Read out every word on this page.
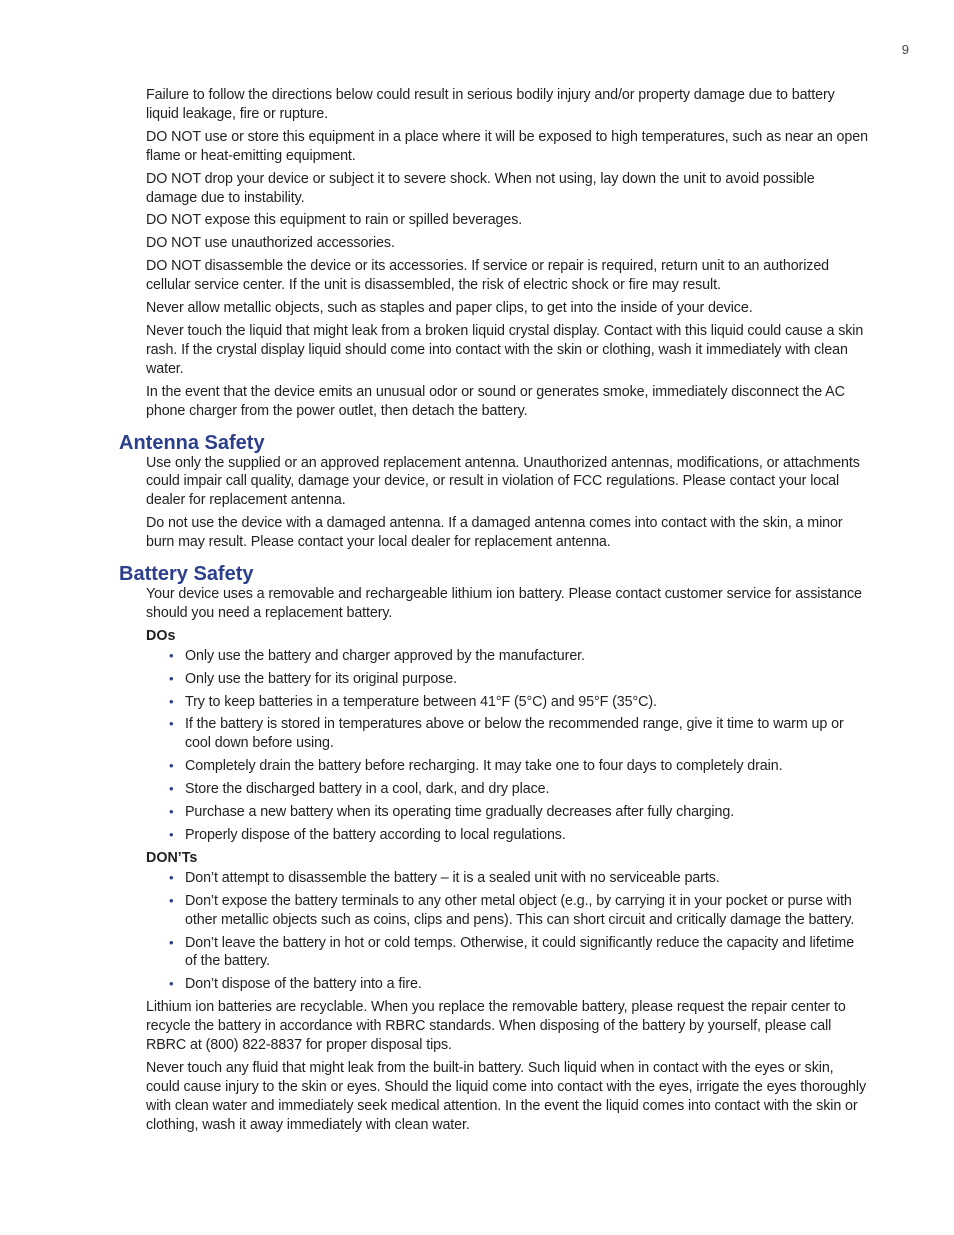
9

Failure to follow the directions below could result in serious bodily injury and/or property damage due to battery liquid leakage, fire or rupture.

DO NOT use or store this equipment in a place where it will be exposed to high temperatures, such as near an open flame or heat-emitting equipment.

DO NOT drop your device or subject it to severe shock. When not using, lay down the unit to avoid possible damage due to instability.

DO NOT expose this equipment to rain or spilled beverages.

DO NOT use unauthorized accessories.

DO NOT disassemble the device or its accessories. If service or repair is required, return unit to an authorized cellular service center. If the unit is disassembled, the risk of electric shock or fire may result.

Never allow metallic objects, such as staples and paper clips, to get into the inside of your device.

Never touch the liquid that might leak from a broken liquid crystal display. Contact with this liquid could cause a skin rash. If the crystal display liquid should come into contact with the skin or clothing, wash it immediately with clean water.

In the event that the device emits an unusual odor or sound or generates smoke, immediately disconnect the AC phone charger from the power outlet, then detach the battery.

Antenna Safety

Use only the supplied or an approved replacement antenna. Unauthorized antennas, modifications, or attachments could impair call quality, damage your device, or result in violation of FCC regulations. Please contact your local dealer for replacement antenna.

Do not use the device with a damaged antenna. If a damaged antenna comes into contact with the skin, a minor burn may result. Please contact your local dealer for replacement antenna.

Battery Safety

Your device uses a removable and rechargeable lithium ion battery. Please contact customer service for assistance should you need a replacement battery.

DOs
• Only use the battery and charger approved by the manufacturer.
• Only use the battery for its original purpose.
• Try to keep batteries in a temperature between 41°F (5°C) and 95°F (35°C).
• If the battery is stored in temperatures above or below the recommended range, give it time to warm up or cool down before using.
• Completely drain the battery before recharging. It may take one to four days to completely drain.
• Store the discharged battery in a cool, dark, and dry place.
• Purchase a new battery when its operating time gradually decreases after fully charging.
• Properly dispose of the battery according to local regulations.
DON’Ts
• Don’t attempt to disassemble the battery – it is a sealed unit with no serviceable parts.
• Don’t expose the battery terminals to any other metal object (e.g., by carrying it in your pocket or purse with other metallic objects such as coins, clips and pens). This can short circuit and critically damage the battery.
• Don’t leave the battery in hot or cold temps. Otherwise, it could significantly reduce the capacity and lifetime of the battery.
• Don’t dispose of the battery into a fire.

Lithium ion batteries are recyclable. When you replace the removable battery, please request the repair center to recycle the battery in accordance with RBRC standards. When disposing of the battery by yourself, please call RBRC at (800) 822-8837 for proper disposal tips.

Never touch any fluid that might leak from the built-in battery. Such liquid when in contact with the eyes or skin, could cause injury to the skin or eyes. Should the liquid come into contact with the eyes, irrigate the eyes thoroughly with clean water and immediately seek medical attention. In the event the liquid comes into contact with the skin or clothing, wash it away immediately with clean water.
